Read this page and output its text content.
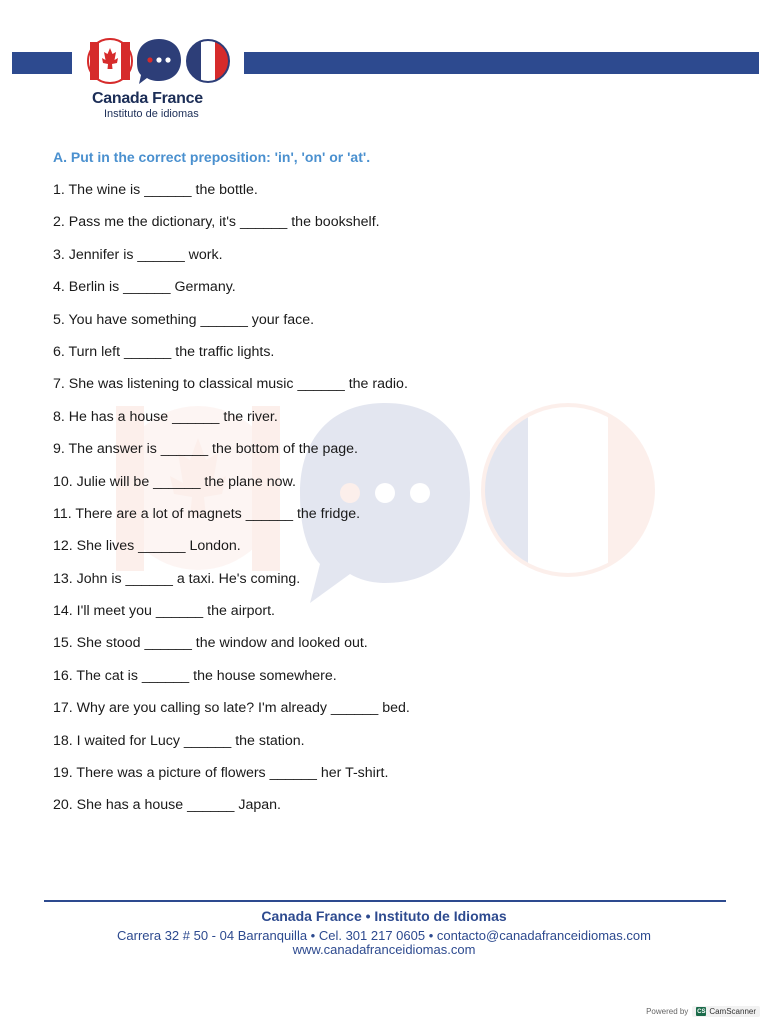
Canada France
Instituto de idiomas
A. Put in the correct preposition: 'in', 'on' or 'at'.
1. The wine is ______ the bottle.
2. Pass me the dictionary, it's ______ the bookshelf.
3. Jennifer is ______ work.
4. Berlin is ______ Germany.
5. You have something ______ your face.
6. Turn left ______ the traffic lights.
7. She was listening to classical music ______ the radio.
8. He has a house ______ the river.
9. The answer is ______ the bottom of the page.
10. Julie will be ______ the plane now.
11. There are a lot of magnets ______ the fridge.
12. She lives ______ London.
13. John is ______ a taxi. He's coming.
14. I'll meet you ______ the airport.
15. She stood ______ the window and looked out.
16. The cat is ______ the house somewhere.
17. Why are you calling so late? I'm already ______ bed.
18. I waited for Lucy ______ the station.
19. There was a picture of flowers ______ her T-shirt.
20. She has a house ______ Japan.
Canada France • Instituto de Idiomas
Carrera 32 # 50 - 04 Barranquilla • Cel. 301 217 0605 • contacto@canadafranceidiomas.com
www.canadafranceidiomas.com
Powered by CS CamScanner
